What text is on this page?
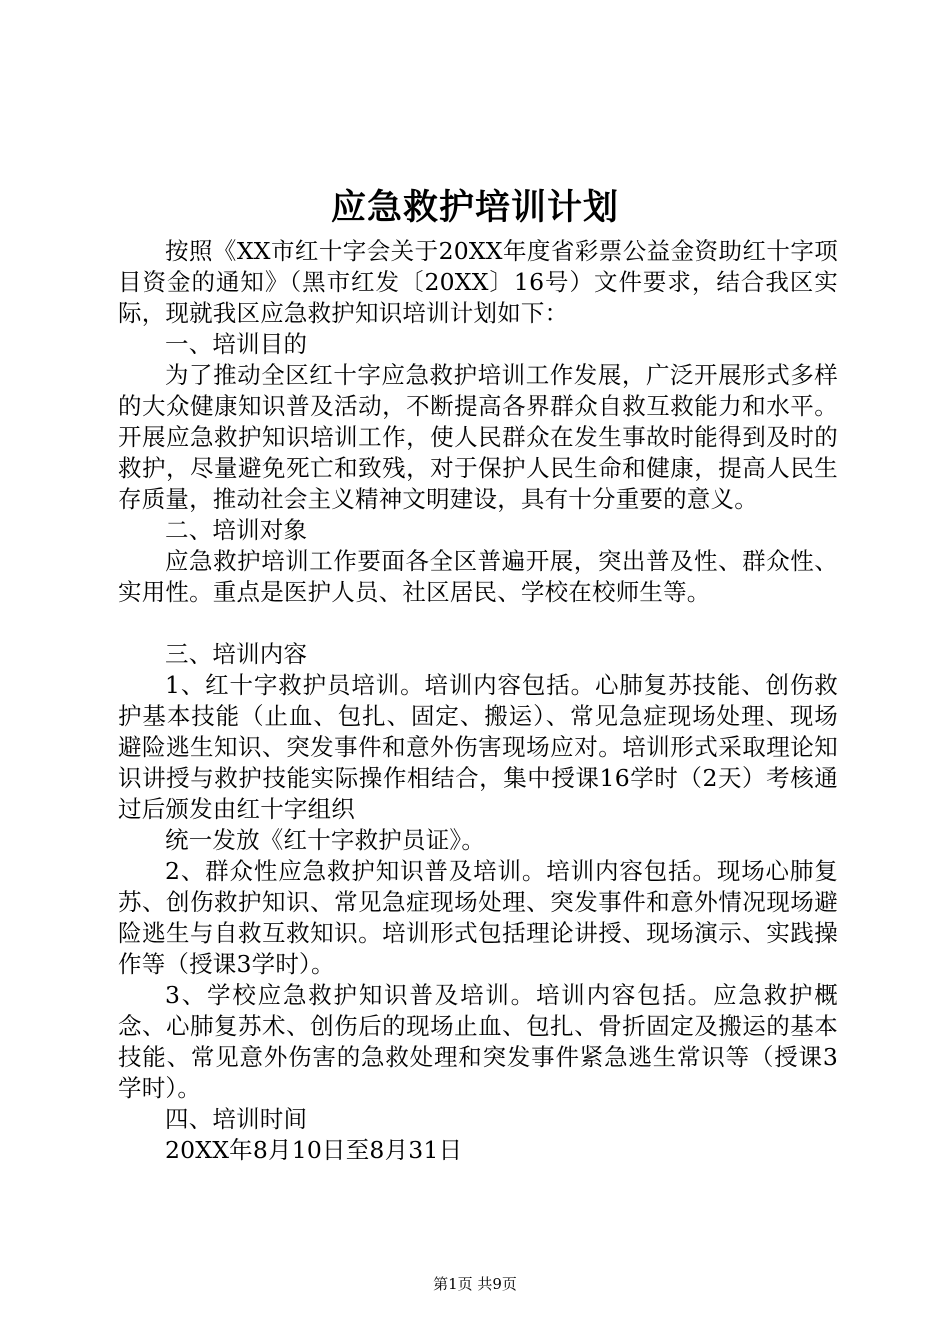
应急救护培训计划

按照《XX市红十字会关于20XX年度省彩票公益金资助红十字项目资金的通知》（黑市红发〔20XX〕16号）文件要求，结合我区实际，现就我区应急救护知识培训计划如下：

一、培训目的

为了推动全区红十字应急救护培训工作发展，广泛开展形式多样的大众健康知识普及活动，不断提高各界群众自救互救能力和水平。开展应急救护知识培训工作，使人民群众在发生事故时能得到及时的救护，尽量避免死亡和致残，对于保护人民生命和健康，提高人民生存质量，推动社会主义精神文明建设，具有十分重要的意义。

二、培训对象

应急救护培训工作要面各全区普遍开展，突出普及性、群众性、实用性。重点是医护人员、社区居民、学校在校师生等。

三、培训内容

1、红十字救护员培训。培训内容包括。心肺复苏技能、创伤救护基本技能（止血、包扎、固定、搬运）、常见急症现场处理、现场避险逃生知识、突发事件和意外伤害现场应对。培训形式采取理论知识讲授与救护技能实际操作相结合，集中授课16学时（2天）考核通过后颁发由红十字组织

统一发放《红十字救护员证》。

2、群众性应急救护知识普及培训。培训内容包括。现场心肺复苏、创伤救护知识、常见急症现场处理、突发事件和意外情况现场避险逃生与自救互救知识。培训形式包括理论讲授、现场演示、实践操作等（授课3学时）。

3、学校应急救护知识普及培训。培训内容包括。应急救护概念、心肺复苏术、创伤后的现场止血、包扎、骨折固定及搬运的基本技能、常见意外伤害的急救处理和突发事件紧急逃生常识等（授课3学时）。

四、培训时间

20XX年8月10日至8月31日

第1页 共9页
